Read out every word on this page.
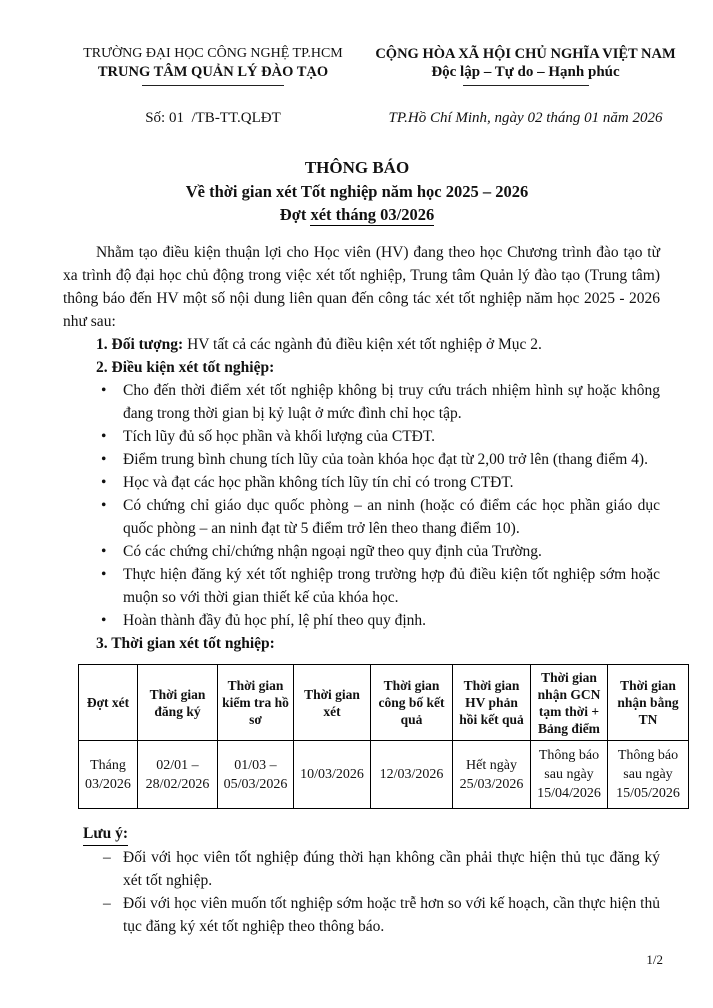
TRƯỜNG ĐẠI HỌC CÔNG NGHỆ TP.HCM
TRUNG TÂM QUẢN LÝ ĐÀO TẠO
CỘNG HÒA XÃ HỘI CHỦ NGHĨA VIỆT NAM
Độc lập – Tự do – Hạnh phúc
Số: 01  /TB-TT.QLĐT	TP.Hồ Chí Minh, ngày 02 tháng 01 năm 2026
THÔNG BÁO
Về thời gian xét Tốt nghiệp năm học 2025 – 2026
Đợt xét tháng 03/2026

Nhằm tạo điều kiện thuận lợi cho Học viên (HV) đang theo học Chương trình đào tạo từ xa trình độ đại học chủ động trong việc xét tốt nghiệp, Trung tâm Quản lý đào tạo (Trung tâm) thông báo đến HV một số nội dung liên quan đến công tác xét tốt nghiệp năm học 2025 - 2026 như sau:

1. Đối tượng: HV tất cả các ngành đủ điều kiện xét tốt nghiệp ở Mục 2.

2. Điều kiện xét tốt nghiệp:

• Cho đến thời điểm xét tốt nghiệp không bị truy cứu trách nhiệm hình sự hoặc không đang trong thời gian bị kỷ luật ở mức đình chỉ học tập.
• Tích lũy đủ số học phần và khối lượng của CTĐT.
• Điểm trung bình chung tích lũy của toàn khóa học đạt từ 2,00 trở lên (thang điểm 4).
• Học và đạt các học phần không tích lũy tín chỉ có trong CTĐT.
• Có chứng chỉ giáo dục quốc phòng – an ninh (hoặc có điểm các học phần giáo dục quốc phòng – an ninh đạt từ 5 điểm trở lên theo thang điểm 10).
• Có các chứng chỉ/chứng nhận ngoại ngữ theo quy định của Trường.
• Thực hiện đăng ký xét tốt nghiệp trong trường hợp đủ điều kiện tốt nghiệp sớm hoặc muộn so với thời gian thiết kế của khóa học.
• Hoàn thành đầy đủ học phí, lệ phí theo quy định.

3. Thời gian xét tốt nghiệp:

Đợt xét	Thời gian đăng ký	Thời gian kiểm tra hồ sơ	Thời gian xét	Thời gian công bố kết quả	Thời gian HV phản hồi kết quả	Thời gian nhận GCN tạm thời + Bảng điểm	Thời gian nhận bằng TN
Tháng 03/2026	02/01 – 28/02/2026	01/03 – 05/03/2026	10/03/2026	12/03/2026	Hết ngày 25/03/2026	Thông báo sau ngày 15/04/2026	Thông báo sau ngày 15/05/2026

Lưu ý:

– Đối với học viên tốt nghiệp đúng thời hạn không cần phải thực hiện thủ tục đăng ký xét tốt nghiệp.
– Đối với học viên muốn tốt nghiệp sớm hoặc trễ hơn so với kế hoạch, cần thực hiện thủ tục đăng ký xét tốt nghiệp theo thông báo.
1/2
